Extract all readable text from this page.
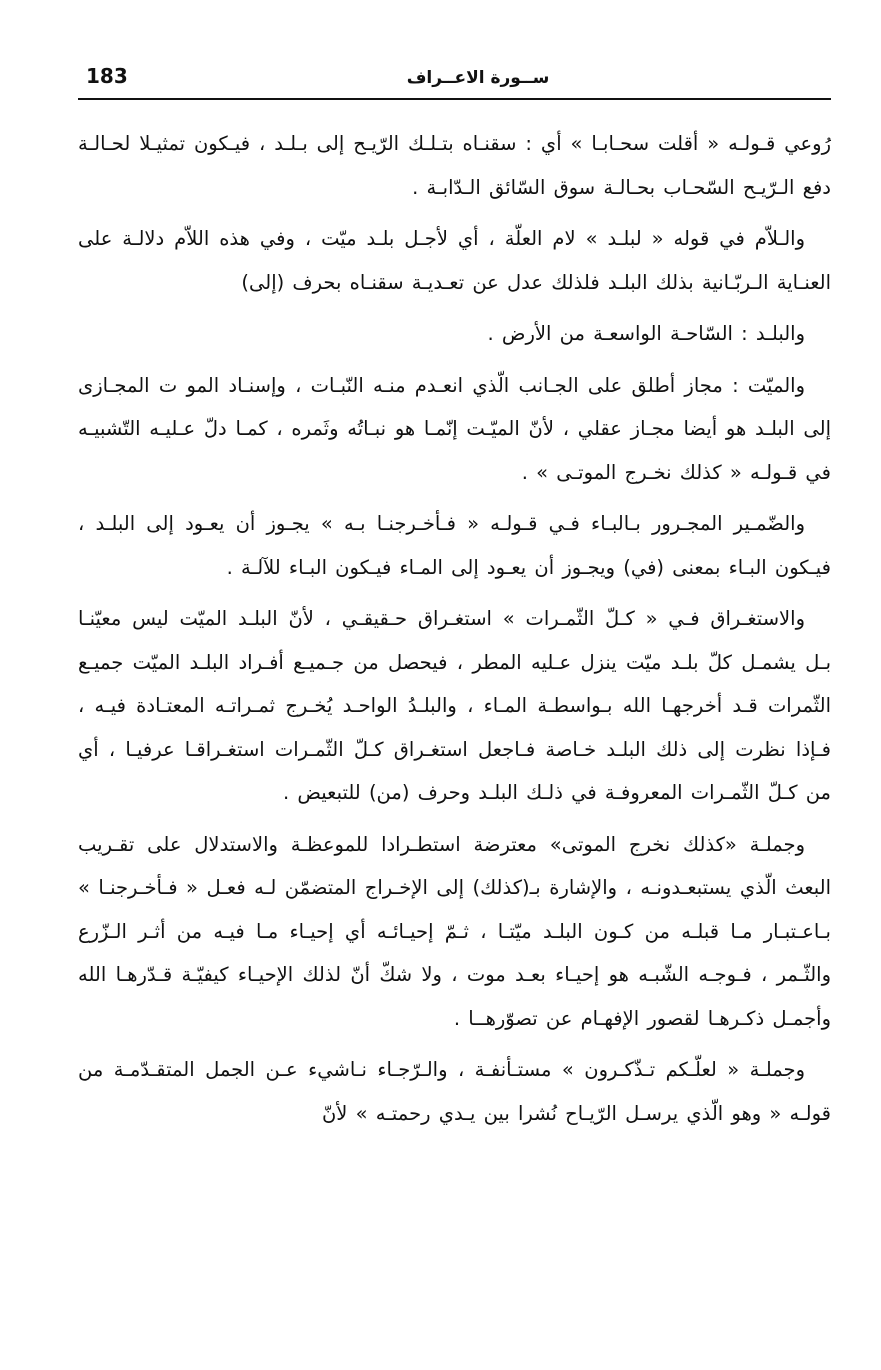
183	ســورة الاعــراف

رُوعي قـولـه « أقلت سحـابـا » أي : سقنـاه بتـلـك الرّيـح إلى بـلـد ، فيـكون تمثيـلا لحـالـة دفع الـرّيـح السّحـاب بحـالـة سوق السّائق الـدّابـة .

والـلاّم في قوله « لبلـد » لام العلّة ، أي لأجـل بلـد ميّت ، وفي هذه اللاّم دلالـة على العنـاية الـربّـانية بذلك البلـد فلذلك عدل عن تعـديـة سقنـاه بحرف (إلى)

والبلـد : السّاحـة الواسعـة من الأرض .

والميّت : مجاز أطلق على الجـانب الّذي انعـدم منـه النّبـات ، وإسنـاد المو ت المجـازى إلى البلـد هو أيضا مجـاز عقلي ، لأنّ الميّـت إنّمـا هو نبـاتُه وثَمره ، كمـا دلّ عـليـه التّشبيـه في قـولـه « كذلك نخـرج الموتـى » .

والضّمـير المجـرور بـالبـاء فـي قـولـه « فـأخـرجنـا بـه » يجـوز أن يعـود إلى البلـد ، فيـكون البـاء بمعنى (في) ويجـوز أن يعـود إلى المـاء فيـكون البـاء للآلـة .

والاستغـراق فـي « كـلّ الثّمـرات » استغـراق حـقيقـي ، لأنّ البلـد الميّت ليس معيّنـا بـل يشمـل كلّ بلـد ميّت ينزل عـليه المطر ، فيحصل من جـميـع أفـراد البلـد الميّت جميـع الثّمرات قـد أخرجهـا الله بـواسطـة المـاء ، والبلـدُ الواحـد يُخـرج ثمـراتـه المعتـادة فيـه ، فـإذا نظرت إلى ذلك البلـد خـاصة فـاجعل استغـراق كـلّ الثّمـرات استغـراقـا عرفيـا ، أي من كـلّ الثّمـرات المعروفـة في ذلـك البلـد وحرف (من) للتبعيض .

وجملـة «كذلك نخرج الموتى» معترضة استطـرادا للموعظـة والاستدلال على تقـريب البعث الّذي يستبعـدونـه ، والإشارة بـ(كذلك) إلى الإخـراج المتضمّن لـه فعـل « فـأخـرجنـا » بـاعـتبـار مـا قبلـه من كـون البلـد ميّتـا ، ثـمّ إحيـائـه أي إحيـاء مـا فيـه من أثـر الـزّرع والثّـمر ، فـوجـه الشّبـه هو إحيـاء بعـد موت ، ولا شكّ أنّ لذلك الإحيـاء كيفيّـة قـدّرهـا الله وأجمـل ذكـرهـا لقصور الإفهـام عن تصوّرهــا .

وجملـة « لعلّـكم تـذّكـرون » مستـأنفـة ، والـرّجـاء نـاشيء عـن الجمل المتقـدّمـة من قولـه « وهو الّذي يرسـل الرّيـاح نُشرا بين يـدي رحمتـه » لأنّ
